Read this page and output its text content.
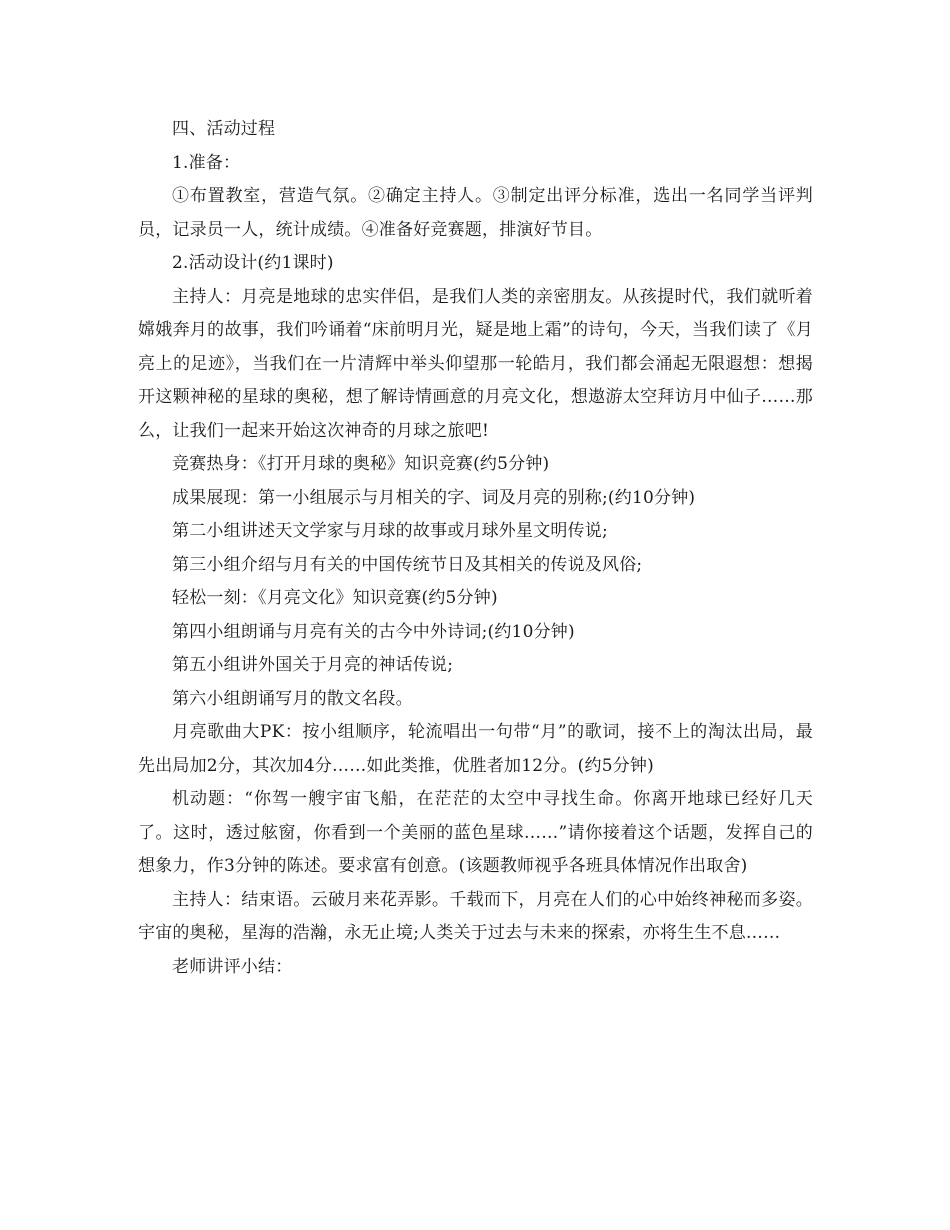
四、活动过程

1.准备：

①布置教室，营造气氛。②确定主持人。③制定出评分标准，选出一名同学当评判员，记录员一人，统计成绩。④准备好竞赛题，排演好节目。

2.活动设计(约1课时)

主持人：月亮是地球的忠实伴侣，是我们人类的亲密朋友。从孩提时代，我们就听着嫦娥奔月的故事，我们吟诵着“床前明月光，疑是地上霜”的诗句，今天，当我们读了《月亮上的足迹》，当我们在一片清辉中举头仰望那一轮皓月，我们都会涌起无限遐想：想揭开这颗神秘的星球的奥秘，想了解诗情画意的月亮文化，想遨游太空拜访月中仙子……那么，让我们一起来开始这次神奇的月球之旅吧!

竞赛热身：《打开月球的奥秘》知识竞赛(约5分钟)

成果展现：第一小组展示与月相关的字、词及月亮的别称;(约10分钟)

第二小组讲述天文学家与月球的故事或月球外星文明传说;

第三小组介绍与月有关的中国传统节日及其相关的传说及风俗;

轻松一刻：《月亮文化》知识竞赛(约5分钟)

第四小组朗诵与月亮有关的古今中外诗词;(约10分钟)

第五小组讲外国关于月亮的神话传说;

第六小组朗诵写月的散文名段。

月亮歌曲大PK：按小组顺序，轮流唱出一句带“月”的歌词，接不上的淘汰出局，最先出局加2分，其次加4分……如此类推，优胜者加12分。(约5分钟)

机动题：“你驾一艘宇宙飞船，在茫茫的太空中寻找生命。你离开地球已经好几天了。这时，透过舷窗，你看到一个美丽的蓝色星球……”请你接着这个话题，发挥自己的想象力，作3分钟的陈述。要求富有创意。(该题教师视乎各班具体情况作出取舍)

主持人：结束语。云破月来花弄影。千载而下，月亮在人们的心中始终神秘而多姿。宇宙的奥秘，星海的浩瀚，永无止境;人类关于过去与未来的探索，亦将生生不息……

老师讲评小结：
